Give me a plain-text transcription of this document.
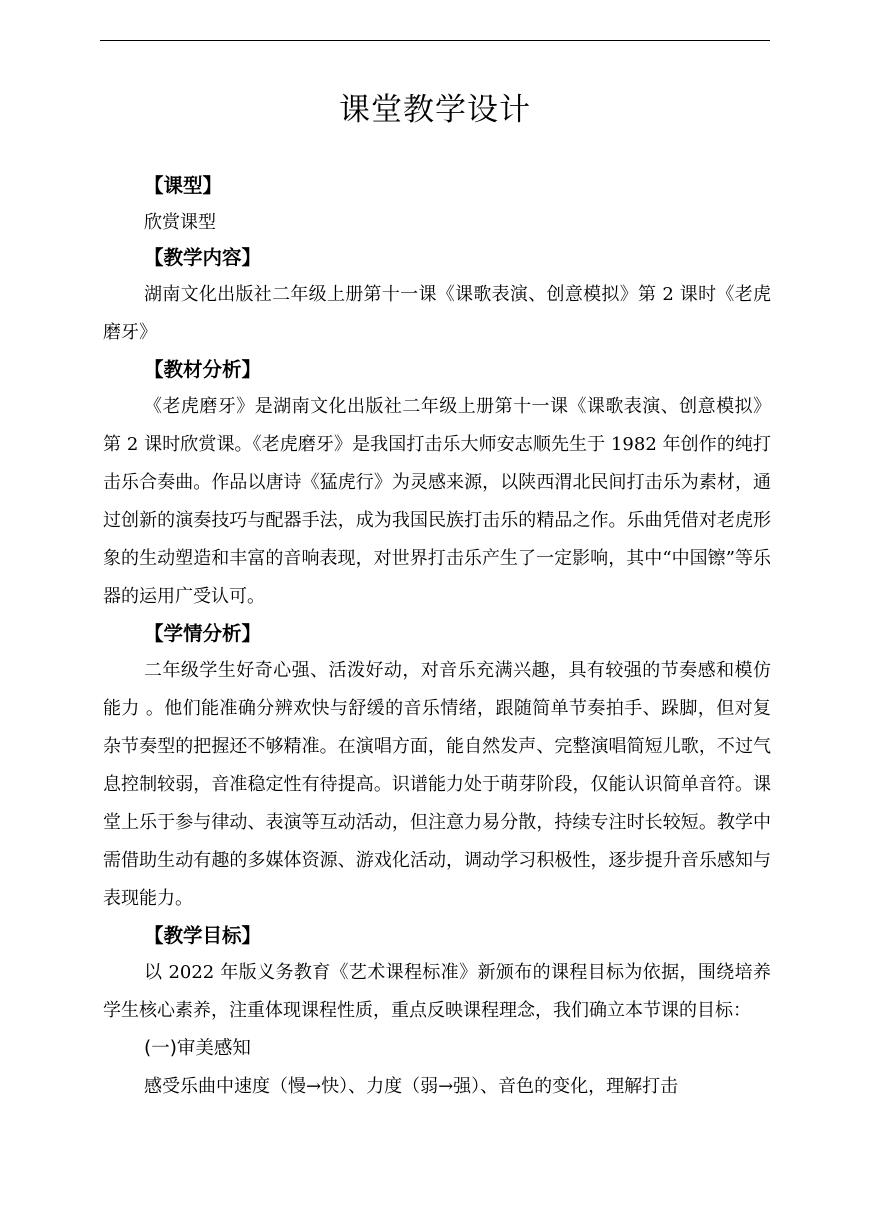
课堂教学设计
【课型】
欣赏课型
【教学内容】
湖南文化出版社二年级上册第十一课《课歌表演、创意模拟》第 2 课时《老虎磨牙》
【教材分析】
《老虎磨牙》是湖南文化出版社二年级上册第十一课《课歌表演、创意模拟》第 2 课时欣赏课。《老虎磨牙》是我国打击乐大师安志顺先生于 1982 年创作的纯打击乐合奏曲。作品以唐诗《猛虎行》为灵感来源，以陕西渭北民间打击乐为素材，通过创新的演奏技巧与配器手法，成为我国民族打击乐的精品之作。乐曲凭借对老虎形象的生动塑造和丰富的音响表现，对世界打击乐产生了一定影响，其中“中国镲”等乐器的运用广受认可。
【学情分析】
二年级学生好奇心强、活泼好动，对音乐充满兴趣，具有较强的节奏感和模仿能力 。他们能准确分辨欢快与舒缓的音乐情绪，跟随简单节奏拍手、跺脚，但对复杂节奏型的把握还不够精准。在演唱方面，能自然发声、完整演唱简短儿歌，不过气息控制较弱，音准稳定性有待提高。识谱能力处于萌芽阶段，仅能认识简单音符。课堂上乐于参与律动、表演等互动活动，但注意力易分散，持续专注时长较短。教学中需借助生动有趣的多媒体资源、游戏化活动，调动学习积极性，逐步提升音乐感知与表现能力。
【教学目标】
以 2022 年版义务教育《艺术课程标准》新颁布的课程目标为依据，围绕培养学生核心素养，注重体现课程性质，重点反映课程理念，我们确立本节课的目标：
(一)审美感知
感受乐曲中速度（慢→快）、力度（弱→强）、音色的变化，理解打击
